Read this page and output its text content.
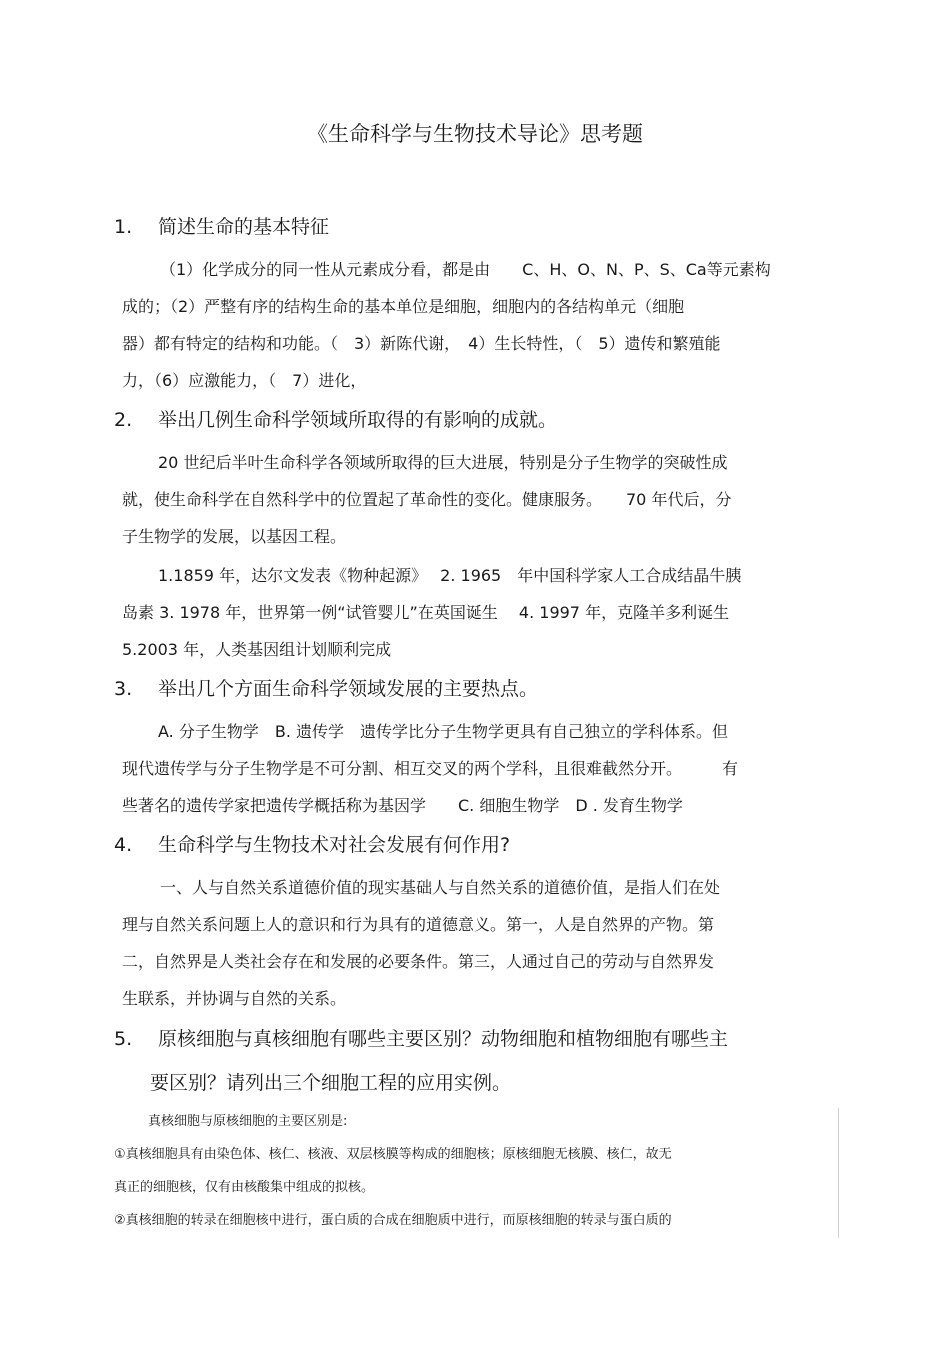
《生命科学与生物技术导论》思考题
1. 简述生命的基本特征
（1）化学成分的同一性从元素成分看，都是由　　C、H、O、N、P、S、Ca等元素构
成的；（2）严整有序的结构生命的基本单位是细胞，细胞内的各结构单元（细胞
器）都有特定的结构和功能。（　3）新陈代谢，　4）生长特性，（　5）遗传和繁殖能
力，（6）应激能力，（　7）进化，
2. 举出几例生命科学领域所取得的有影响的成就。
20 世纪后半叶生命科学各领域所取得的巨大进展，特别是分子生物学的突破性成
就，使生命科学在自然科学中的位置起了革命性的变化。健康服务。　　70 年代后，分
子生物学的发展，以基因工程。
1.1859 年，达尔文发表《物种起源》　 2. 1965　年中国科学家人工合成结晶牛胰
岛素 3. 1978 年，世界第一例“试管婴儿”在英国诞生　 4. 1997 年，克隆羊多利诞生
5.2003 年，人类基因组计划顺利完成
3. 举出几个方面生命科学领域发展的主要热点。
A. 分子生物学　B. 遗传学　遗传学比分子生物学更具有自己独立的学科体系。但
现代遗传学与分子生物学是不可分割、相互交叉的两个学科，且很难截然分开。　　　有
些著名的遗传学家把遗传学概括称为基因学　　C. 细胞生物学　D . 发育生物学
4. 生命科学与生物技术对社会发展有何作用?
一、人与自然关系道德价值的现实基础人与自然关系的道德价值，是指人们在处
理与自然关系问题上人的意识和行为具有的道德意义。第一，人是自然界的产物。第
二，自然界是人类社会存在和发展的必要条件。第三，人通过自己的劳动与自然界发
生联系，并协调与自然的关系。
5. 原核细胞与真核细胞有哪些主要区别？动物细胞和植物细胞有哪些主
要区别？请列出三个细胞工程的应用实例。
真核细胞与原核细胞的主要区别是:
①真核细胞具有由染色体、核仁、核液、双层核膜等构成的细胞核；原核细胞无核膜、核仁，故无
真正的细胞核，仅有由核酸集中组成的拟核。
②真核细胞的转录在细胞核中进行，蛋白质的合成在细胞质中进行，而原核细胞的转录与蛋白质的
